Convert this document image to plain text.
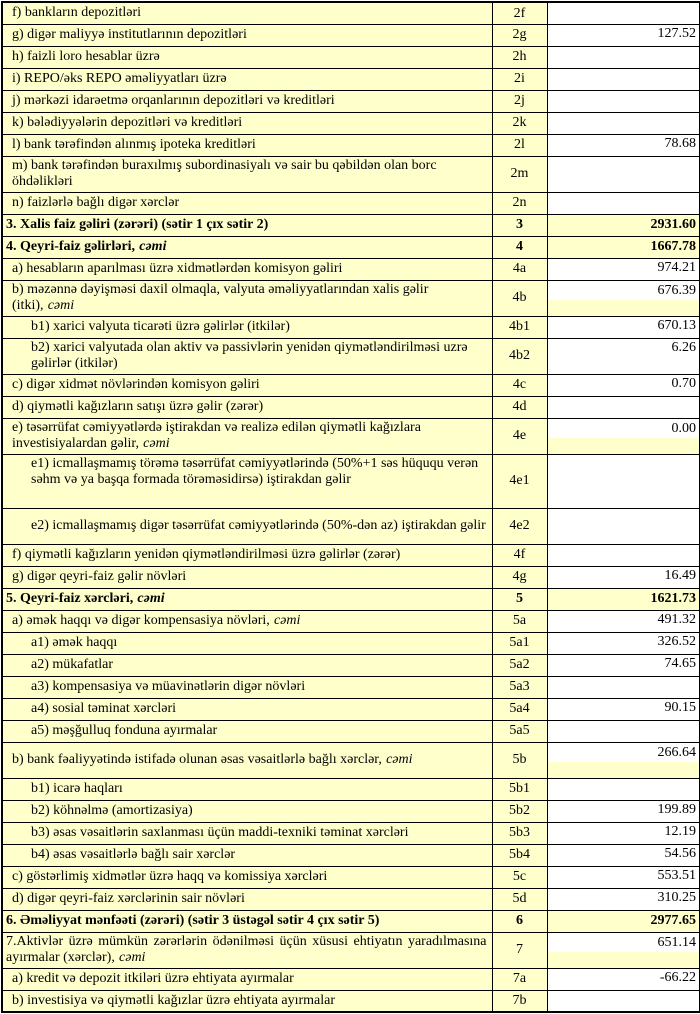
f) bankların depozitləri	2f	
g) digər maliyyə institutlarının depozitləri	2g	127.52
h) faizli loro hesablar üzrə	2h	
i) REPO/əks REPO əməliyyatları üzrə	2i	
j) mərkəzi idarəetmə orqanlarının depozitləri və kreditləri	2j	
k) bələdiyyələrin depozitləri və kreditləri	2k	
l) bank tərəfindən alınmış ipoteka kreditləri	2l	78.68
m) bank tərəfindən buraxılmış subordinasiyalı və sair bu qəbildən olan borc öhdəlikləri	2m	
n) faizlərlə bağlı digər xərclər	2n	
3. Xalis faiz gəliri (zərəri) (sətir 1 çıx sətir 2)	3	2931.60
4. Qeyri-faiz gəlirləri, cəmi	4	1667.78
a) hesabların aparılması üzrə xidmətlərdən komisyon gəliri	4a	974.21
b) məzənnə dəyişməsi daxil olmaqla, valyuta əməliyyatlarından xalis gəlir (itki), cəmi	4b	676.39

b1) xarici valyuta ticarəti üzrə gəlirlər (itkilər)	4b1	670.13
b2) xarici valyutada olan aktiv və passivlərin yenidən qiymətləndirilməsi uzrə gəlirlər (itkilər)	4b2	6.26
c) digər xidmət növlərindən komisyon gəliri	4c	0.70
d) qiymətli kağızların satışı üzrə gəlir (zərər)	4d	
e) təsərrüfat cəmiyyətlərdə iştirakdan və realizə edilən qiymətli kağızlara investisiyalardan gəlir, cəmi	4e	0.00

e1) icmallaşmamış törəmə təsərrüfat cəmiyyətlərində (50%+1 səs hüququ verən səhm və ya başqa formada törəməsidirsə) iştirakdan gəlir	4e1	
e2) icmallaşmamış digər təsərrüfat cəmiyyətlərində (50%-dən az) iştirakdan gəlir	4e2	
f) qiymətli kağızların yenidən qiymətləndirilməsi üzrə gəlirlər (zərər)	4f	
g) digər qeyri-faiz gəlir növləri	4g	16.49
5. Qeyri-faiz xərcləri, cəmi	5	1621.73
a) əmək haqqı və digər kompensasiya növləri, cəmi	5a	491.32
a1) əmək haqqı	5a1	326.52
a2) mükafatlar	5a2	74.65
a3) kompensasiya və müavinətlərin digər növləri	5a3	
a4) sosial təminat xərcləri	5a4	90.15
a5) məşğulluq fonduna ayırmalar	5a5	
b) bank fəaliyyətində istifadə olunan əsas vəsaitlərlə bağlı xərclər, cəmi	5b	266.64

b1) icarə haqları	5b1	
b2) köhnəlmə (amortizasiya)	5b2	199.89
b3) əsas vəsaitlərin saxlanması üçün maddi-texniki təminat xərcləri	5b3	12.19
b4) əsas vəsaitlərlə bağlı sair xərclər	5b4	54.56
c) göstərlimiş xidmətlər üzrə haqq və komissiya xərcləri	5c	553.51
d) digər qeyri-faiz xərclərinin sair növləri	5d	310.25
6. Əməliyyat mənfəəti (zərəri) (sətir 3 üstəgəl sətir 4 çıx sətir 5)	6	2977.65
7.Aktivlər üzrə mümkün zərərlərin ödənilməsi üçün xüsusi ehtiyatın yaradılmasına ayırmalar (xərclər), cəmi	7	651.14

a) kredit və depozit itkiləri üzrə ehtiyata ayırmalar	7a	-66.22
b) investisiya və qiymətli kağızlar üzrə ehtiyata ayırmalar	7b	
